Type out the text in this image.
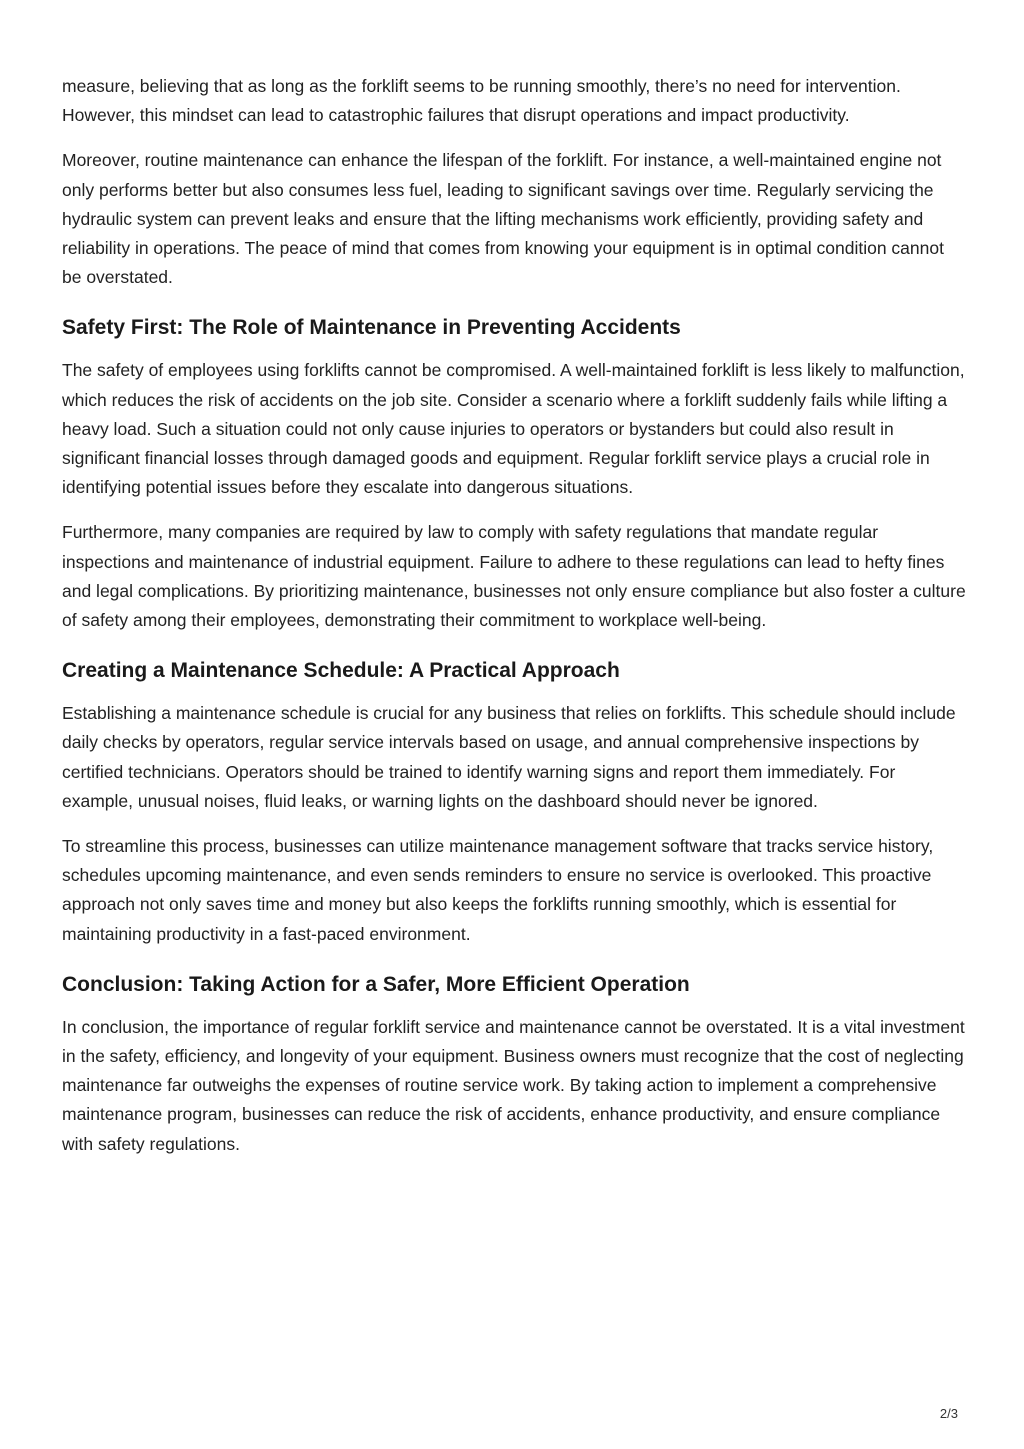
measure, believing that as long as the forklift seems to be running smoothly, there’s no need for intervention. However, this mindset can lead to catastrophic failures that disrupt operations and impact productivity.

Moreover, routine maintenance can enhance the lifespan of the forklift. For instance, a well-maintained engine not only performs better but also consumes less fuel, leading to significant savings over time. Regularly servicing the hydraulic system can prevent leaks and ensure that the lifting mechanisms work efficiently, providing safety and reliability in operations. The peace of mind that comes from knowing your equipment is in optimal condition cannot be overstated.

Safety First: The Role of Maintenance in Preventing Accidents

The safety of employees using forklifts cannot be compromised. A well-maintained forklift is less likely to malfunction, which reduces the risk of accidents on the job site. Consider a scenario where a forklift suddenly fails while lifting a heavy load. Such a situation could not only cause injuries to operators or bystanders but could also result in significant financial losses through damaged goods and equipment. Regular forklift service plays a crucial role in identifying potential issues before they escalate into dangerous situations.

Furthermore, many companies are required by law to comply with safety regulations that mandate regular inspections and maintenance of industrial equipment. Failure to adhere to these regulations can lead to hefty fines and legal complications. By prioritizing maintenance, businesses not only ensure compliance but also foster a culture of safety among their employees, demonstrating their commitment to workplace well-being.

Creating a Maintenance Schedule: A Practical Approach

Establishing a maintenance schedule is crucial for any business that relies on forklifts. This schedule should include daily checks by operators, regular service intervals based on usage, and annual comprehensive inspections by certified technicians. Operators should be trained to identify warning signs and report them immediately. For example, unusual noises, fluid leaks, or warning lights on the dashboard should never be ignored.

To streamline this process, businesses can utilize maintenance management software that tracks service history, schedules upcoming maintenance, and even sends reminders to ensure no service is overlooked. This proactive approach not only saves time and money but also keeps the forklifts running smoothly, which is essential for maintaining productivity in a fast-paced environment.

Conclusion: Taking Action for a Safer, More Efficient Operation

In conclusion, the importance of regular forklift service and maintenance cannot be overstated. It is a vital investment in the safety, efficiency, and longevity of your equipment. Business owners must recognize that the cost of neglecting maintenance far outweighs the expenses of routine service work. By taking action to implement a comprehensive maintenance program, businesses can reduce the risk of accidents, enhance productivity, and ensure compliance with safety regulations.

2/3
